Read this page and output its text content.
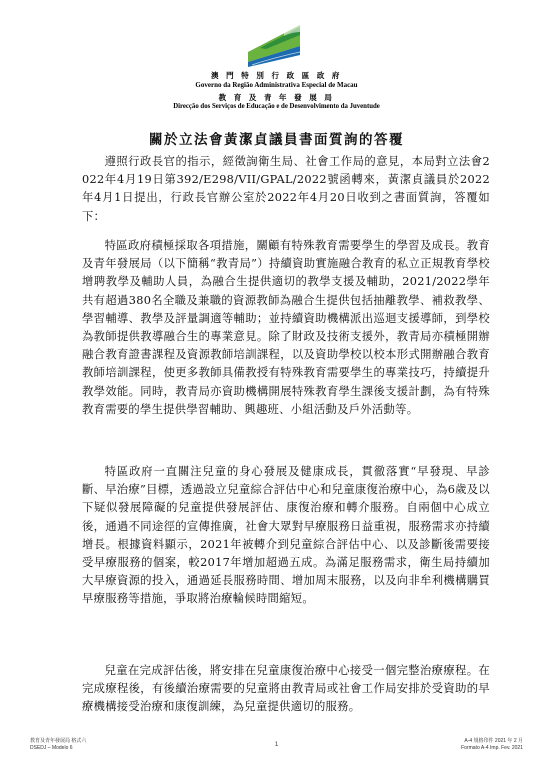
澳 門 特 別 行 政 區 政 府
Governo da Região Administrativa Especial de Macau
教 育 及 青 年 發 展 局
Direcção dos Serviços de Educação e de Desenvolvimento da Juventude
關於立法會黃潔貞議員書面質詢的答覆

遵照行政長官的指示，經徵詢衛生局、社會工作局的意見，本局對立法會2022年4月19日第392/E298/VII/GPAL/2022號函轉來，黃潔貞議員於2022年4月1日提出，行政長官辦公室於2022年4月20日收到之書面質詢，答覆如下：

特區政府積極採取各項措施，關顧有特殊教育需要學生的學習及成長。教育及青年發展局（以下簡稱“教青局”）持續資助實施融合教育的私立正規教育學校增聘教學及輔助人員，為融合生提供適切的教學支援及輔助，2021/2022學年共有超過380名全職及兼職的資源教師為融合生提供包括抽離教學、補救教學、學習輔導、教學及評量調適等輔助；並持續資助機構派出巡迴支援導師，到學校為教師提供教導融合生的專業意見。除了財政及技術支援外，教青局亦積極開辦融合教育證書課程及資源教師培訓課程，以及資助學校以校本形式開辦融合教育教師培訓課程，使更多教師具備教授有特殊教育需要學生的專業技巧，持續提升教學效能。同時，教青局亦資助機構開展特殊教育學生課後支援計劃，為有特殊教育需要的學生提供學習輔助、興趣班、小組活動及戶外活動等。

特區政府一直關注兒童的身心發展及健康成長，貫徹落實“早發現、早診斷、早治療”目標，透過設立兒童綜合評估中心和兒童康復治療中心，為6歲及以下疑似發展障礙的兒童提供發展評估、康復治療和轉介服務。自兩個中心成立後，通過不同途徑的宣傳推廣，社會大眾對早療服務日益重視，服務需求亦持續增長。根據資料顯示，2021年被轉介到兒童綜合評估中心、以及診斷後需要接受早療服務的個案，較2017年增加超過五成。為滿足服務需求，衛生局持續加大早療資源的投入，通過延長服務時間、增加周末服務，以及向非牟利機構購買早療服務等措施，爭取將治療輪候時間縮短。

兒童在完成評估後，將安排在兒童康復治療中心接受一個完整治療療程。在完成療程後，有後續治療需要的兒童將由教青局或社會工作局安排於受資助的早療機構接受治療和康復訓練，為兒童提供適切的服務。

教育及青年發展局 格式六
DSEDJ – Modelo 6	1
A-4 規格印件 2021 年 2 月
Formato A-4 Imp. Fev. 2021
